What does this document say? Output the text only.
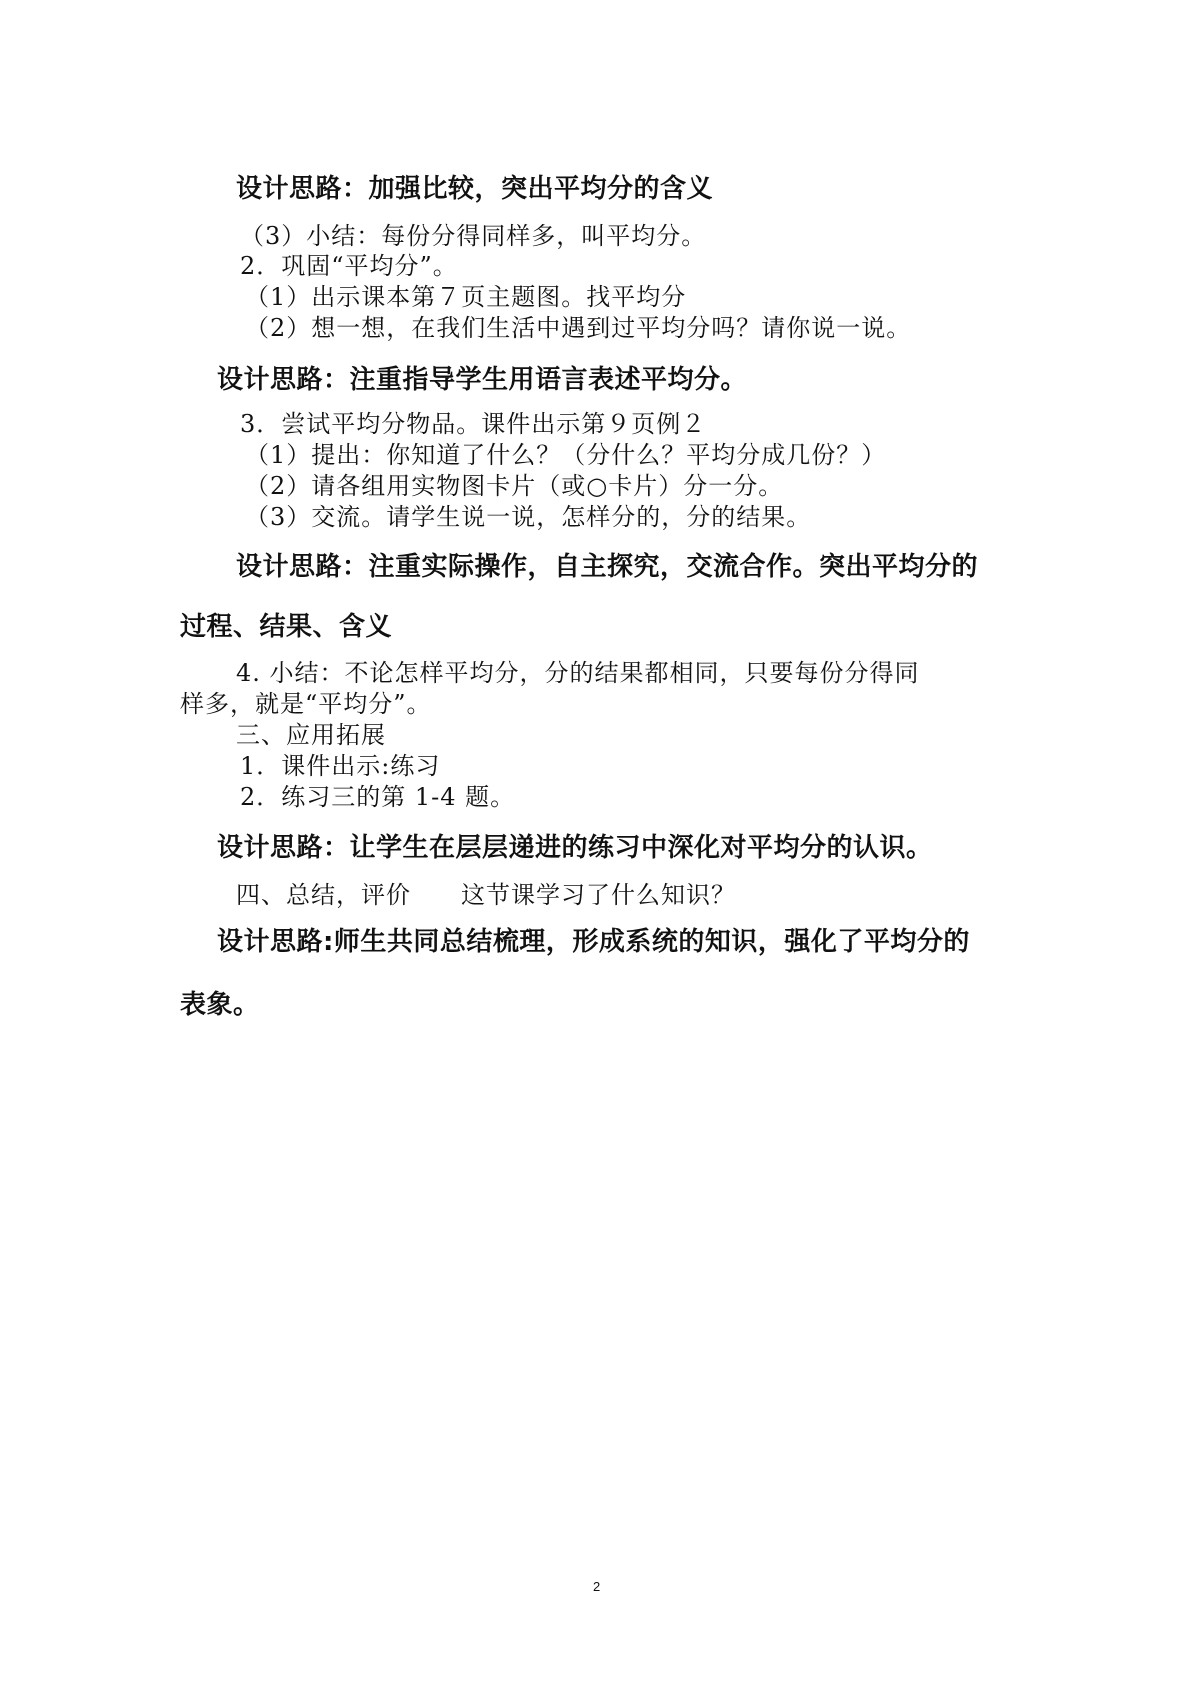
设计思路：加强比较，突出平均分的含义
（3）小结：每份分得同样多，叫平均分。
2．巩固“平均分”。
（1）出示课本第７页主题图。找平均分
（2）想一想，在我们生活中遇到过平均分吗？请你说一说。
设计思路：注重指导学生用语言表述平均分。
3．尝试平均分物品。课件出示第９页例２
（1）提出：你知道了什么？（分什么？平均分成几份？）
（2）请各组用实物图卡片（或○卡片）分一分。
（3）交流。请学生说一说，怎样分的，分的结果。
设计思路：注重实际操作，自主探究，交流合作。突出平均分的
过程、结果、含义
4. 小结：不论怎样平均分，分的结果都相同，只要每份分得同
样多，就是“平均分”。
三、应用拓展
1．课件出示:练习
2．练习三的第 1-4 题。
设计思路：让学生在层层递进的练习中深化对平均分的认识。
四、总结，评价　　这节课学习了什么知识？
设计思路:师生共同总结梳理，形成系统的知识，强化了平均分的
表象。
2
